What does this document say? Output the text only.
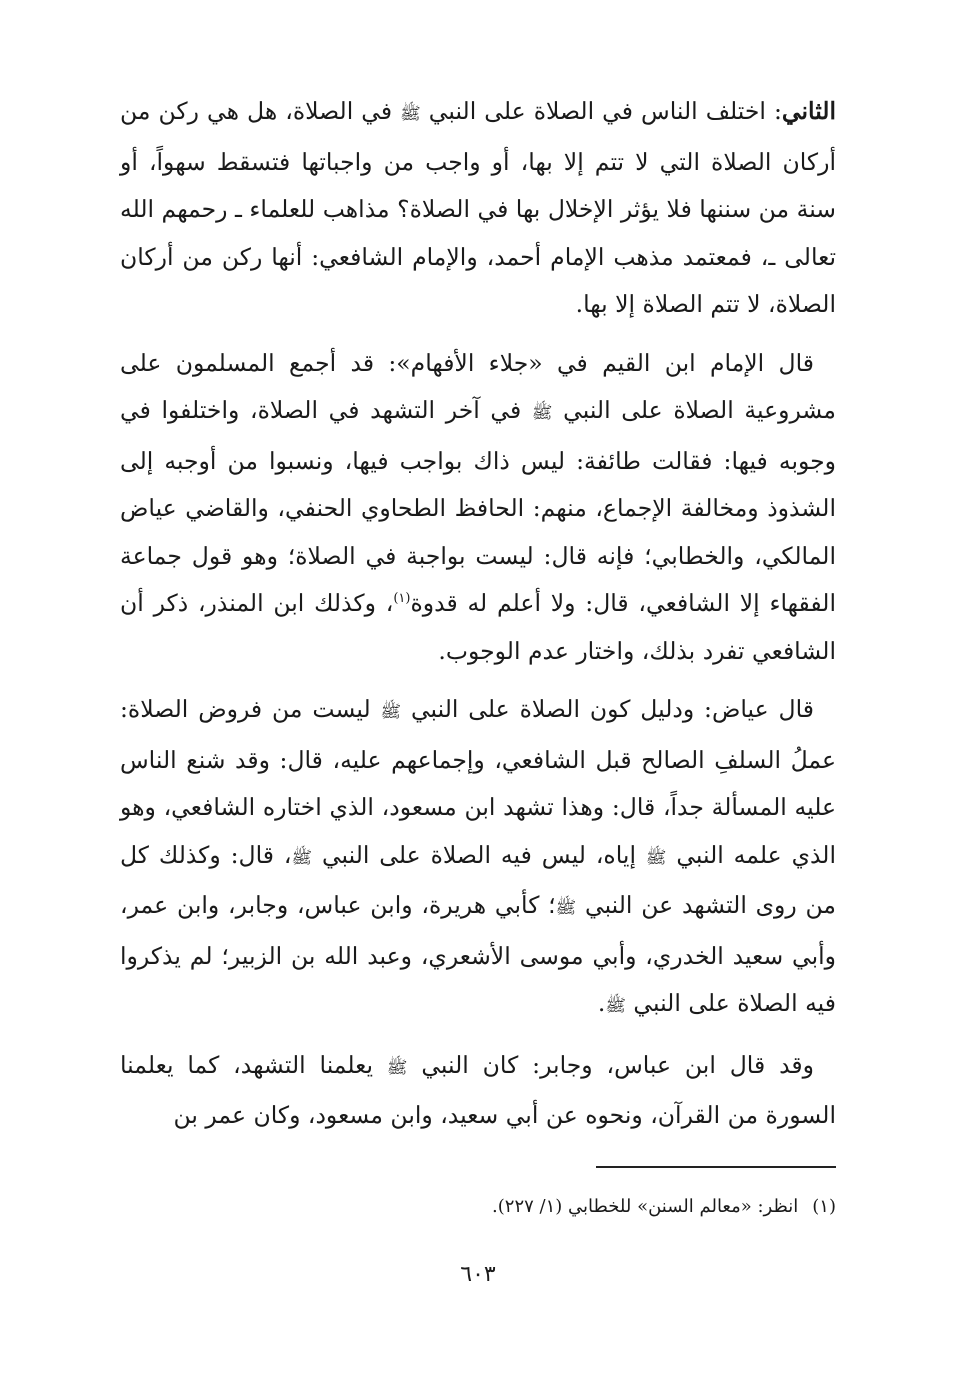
الثاني: اختلف الناس في الصلاة على النبي ﷺ في الصلاة، هل هي ركن من أركان الصلاة التي لا تتم إلا بها، أو واجب من واجباتها فتسقط سهواً، أو سنة من سننها فلا يؤثر الإخلال بها في الصلاة؟ مذاهب للعلماء ـ رحمهم الله تعالى ـ، فمعتمد مذهب الإمام أحمد، والإمام الشافعي: أنها ركن من أركان الصلاة، لا تتم الصلاة إلا بها.

قال الإمام ابن القيم في «جلاء الأفهام»: قد أجمع المسلمون على مشروعية الصلاة على النبي ﷺ في آخر التشهد في الصلاة، واختلفوا في وجوبه فيها: فقالت طائفة: ليس ذاك بواجب فيها، ونسبوا من أوجبه إلى الشذوذ ومخالفة الإجماع، منهم: الحافظ الطحاوي الحنفي، والقاضي عياض المالكي، والخطابي؛ فإنه قال: ليست بواجبة في الصلاة؛ وهو قول جماعة الفقهاء إلا الشافعي، قال: ولا أعلم له قدوة$^{(١)}$، وكذلك ابن المنذر، ذكر أن الشافعي تفرد بذلك، واختار عدم الوجوب.

قال عياض: ودليل كون الصلاة على النبي ﷺ ليست من فروض الصلاة: عملُ السلفِ الصالح قبل الشافعي، وإجماعهم عليه، قال: وقد شنع الناس عليه المسألة جداً، قال: وهذا تشهد ابن مسعود، الذي اختاره الشافعي، وهو الذي علمه النبي ﷺ إياه، ليس فيه الصلاة على النبي ﷺ، قال: وكذلك كل من روى التشهد عن النبي ﷺ؛ كأبي هريرة، وابن عباس، وجابر، وابن عمر، وأبي سعيد الخدري، وأبي موسى الأشعري، وعبد الله بن الزبير؛ لم يذكروا فيه الصلاة على النبي ﷺ.

وقد قال ابن عباس، وجابر: كان النبي ﷺ يعلمنا التشهد، كما يعلمنا السورة من القرآن، ونحوه عن أبي سعيد، وابن مسعود، وكان عمر بن

(١)انظر: «معالم السنن» للخطابي (١/ ٢٢٧).
٦٠٣
